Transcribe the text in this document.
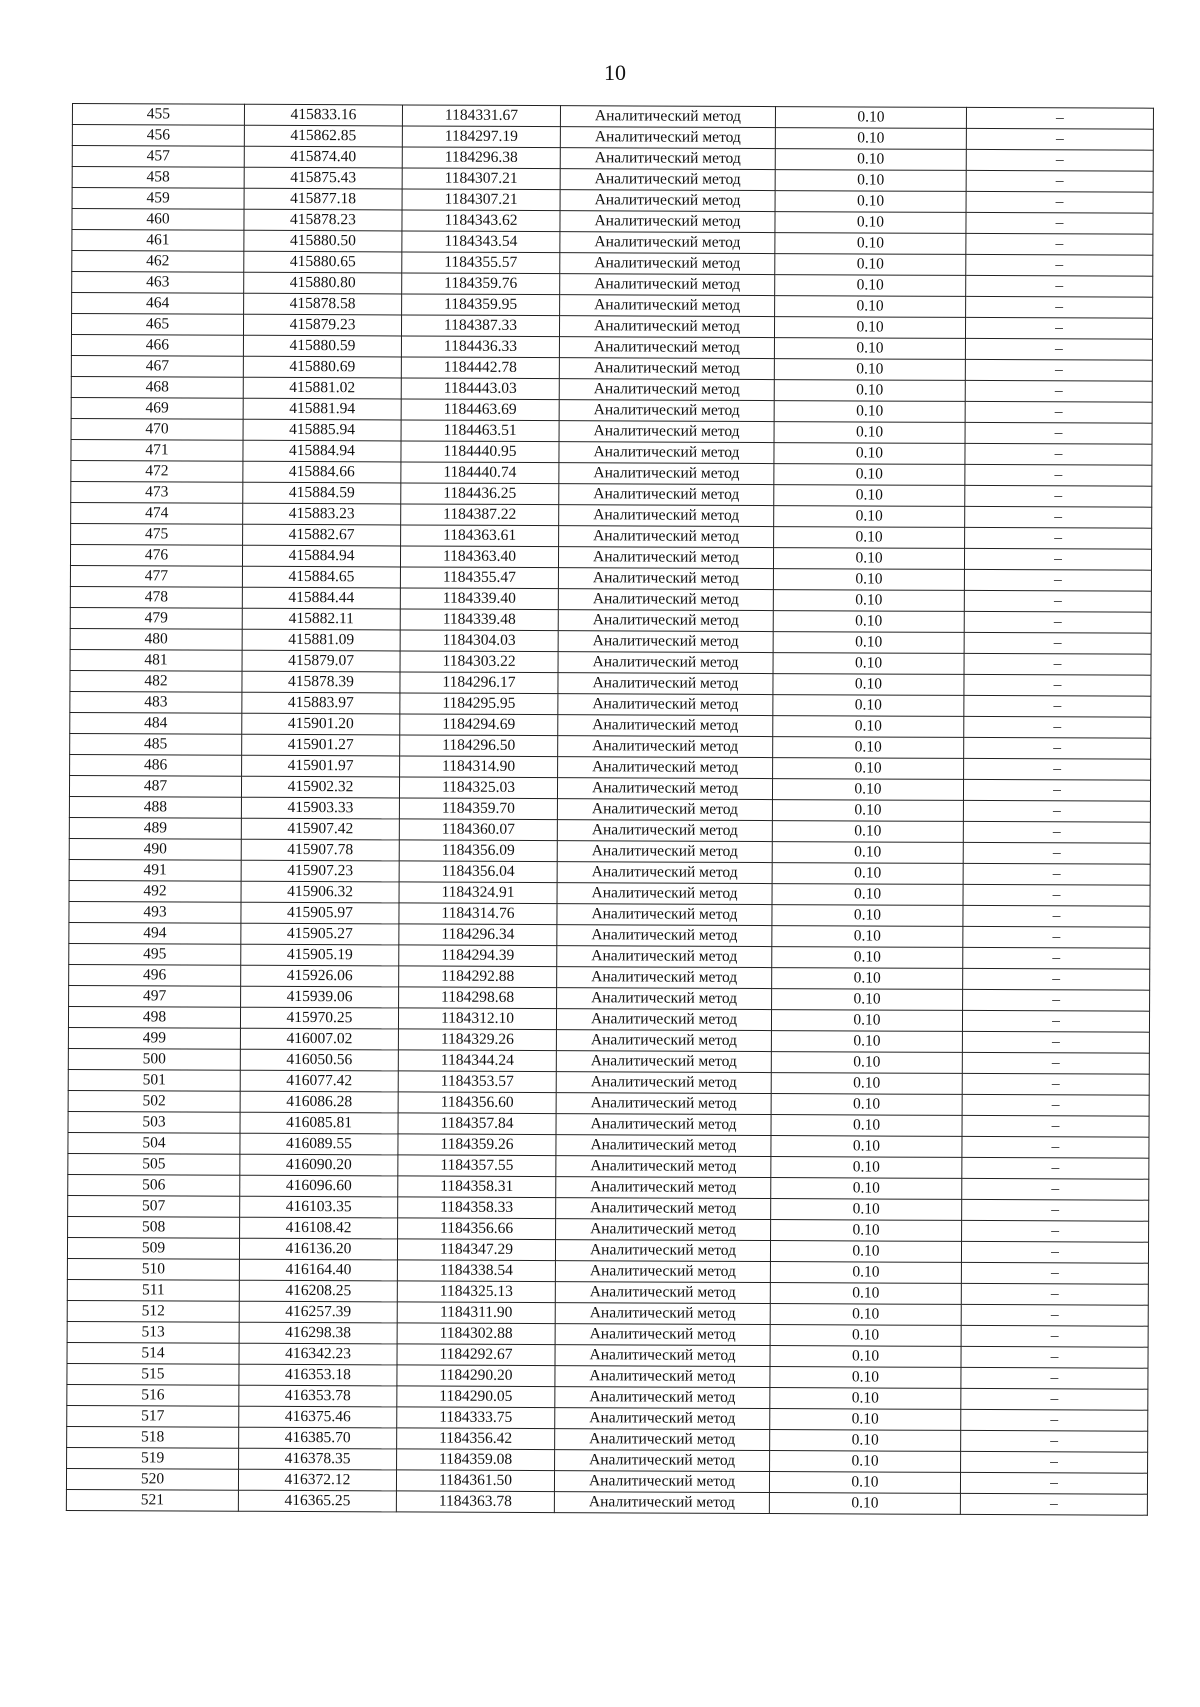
10
455	415833.16	1184331.67	Аналитический метод	0.10	–
456	415862.85	1184297.19	Аналитический метод	0.10	–
457	415874.40	1184296.38	Аналитический метод	0.10	–
458	415875.43	1184307.21	Аналитический метод	0.10	–
459	415877.18	1184307.21	Аналитический метод	0.10	–
460	415878.23	1184343.62	Аналитический метод	0.10	–
461	415880.50	1184343.54	Аналитический метод	0.10	–
462	415880.65	1184355.57	Аналитический метод	0.10	–
463	415880.80	1184359.76	Аналитический метод	0.10	–
464	415878.58	1184359.95	Аналитический метод	0.10	–
465	415879.23	1184387.33	Аналитический метод	0.10	–
466	415880.59	1184436.33	Аналитический метод	0.10	–
467	415880.69	1184442.78	Аналитический метод	0.10	–
468	415881.02	1184443.03	Аналитический метод	0.10	–
469	415881.94	1184463.69	Аналитический метод	0.10	–
470	415885.94	1184463.51	Аналитический метод	0.10	–
471	415884.94	1184440.95	Аналитический метод	0.10	–
472	415884.66	1184440.74	Аналитический метод	0.10	–
473	415884.59	1184436.25	Аналитический метод	0.10	–
474	415883.23	1184387.22	Аналитический метод	0.10	–
475	415882.67	1184363.61	Аналитический метод	0.10	–
476	415884.94	1184363.40	Аналитический метод	0.10	–
477	415884.65	1184355.47	Аналитический метод	0.10	–
478	415884.44	1184339.40	Аналитический метод	0.10	–
479	415882.11	1184339.48	Аналитический метод	0.10	–
480	415881.09	1184304.03	Аналитический метод	0.10	–
481	415879.07	1184303.22	Аналитический метод	0.10	–
482	415878.39	1184296.17	Аналитический метод	0.10	–
483	415883.97	1184295.95	Аналитический метод	0.10	–
484	415901.20	1184294.69	Аналитический метод	0.10	–
485	415901.27	1184296.50	Аналитический метод	0.10	–
486	415901.97	1184314.90	Аналитический метод	0.10	–
487	415902.32	1184325.03	Аналитический метод	0.10	–
488	415903.33	1184359.70	Аналитический метод	0.10	–
489	415907.42	1184360.07	Аналитический метод	0.10	–
490	415907.78	1184356.09	Аналитический метод	0.10	–
491	415907.23	1184356.04	Аналитический метод	0.10	–
492	415906.32	1184324.91	Аналитический метод	0.10	–
493	415905.97	1184314.76	Аналитический метод	0.10	–
494	415905.27	1184296.34	Аналитический метод	0.10	–
495	415905.19	1184294.39	Аналитический метод	0.10	–
496	415926.06	1184292.88	Аналитический метод	0.10	–
497	415939.06	1184298.68	Аналитический метод	0.10	–
498	415970.25	1184312.10	Аналитический метод	0.10	–
499	416007.02	1184329.26	Аналитический метод	0.10	–
500	416050.56	1184344.24	Аналитический метод	0.10	–
501	416077.42	1184353.57	Аналитический метод	0.10	–
502	416086.28	1184356.60	Аналитический метод	0.10	–
503	416085.81	1184357.84	Аналитический метод	0.10	–
504	416089.55	1184359.26	Аналитический метод	0.10	–
505	416090.20	1184357.55	Аналитический метод	0.10	–
506	416096.60	1184358.31	Аналитический метод	0.10	–
507	416103.35	1184358.33	Аналитический метод	0.10	–
508	416108.42	1184356.66	Аналитический метод	0.10	–
509	416136.20	1184347.29	Аналитический метод	0.10	–
510	416164.40	1184338.54	Аналитический метод	0.10	–
511	416208.25	1184325.13	Аналитический метод	0.10	–
512	416257.39	1184311.90	Аналитический метод	0.10	–
513	416298.38	1184302.88	Аналитический метод	0.10	–
514	416342.23	1184292.67	Аналитический метод	0.10	–
515	416353.18	1184290.20	Аналитический метод	0.10	–
516	416353.78	1184290.05	Аналитический метод	0.10	–
517	416375.46	1184333.75	Аналитический метод	0.10	–
518	416385.70	1184356.42	Аналитический метод	0.10	–
519	416378.35	1184359.08	Аналитический метод	0.10	–
520	416372.12	1184361.50	Аналитический метод	0.10	–
521	416365.25	1184363.78	Аналитический метод	0.10	–
